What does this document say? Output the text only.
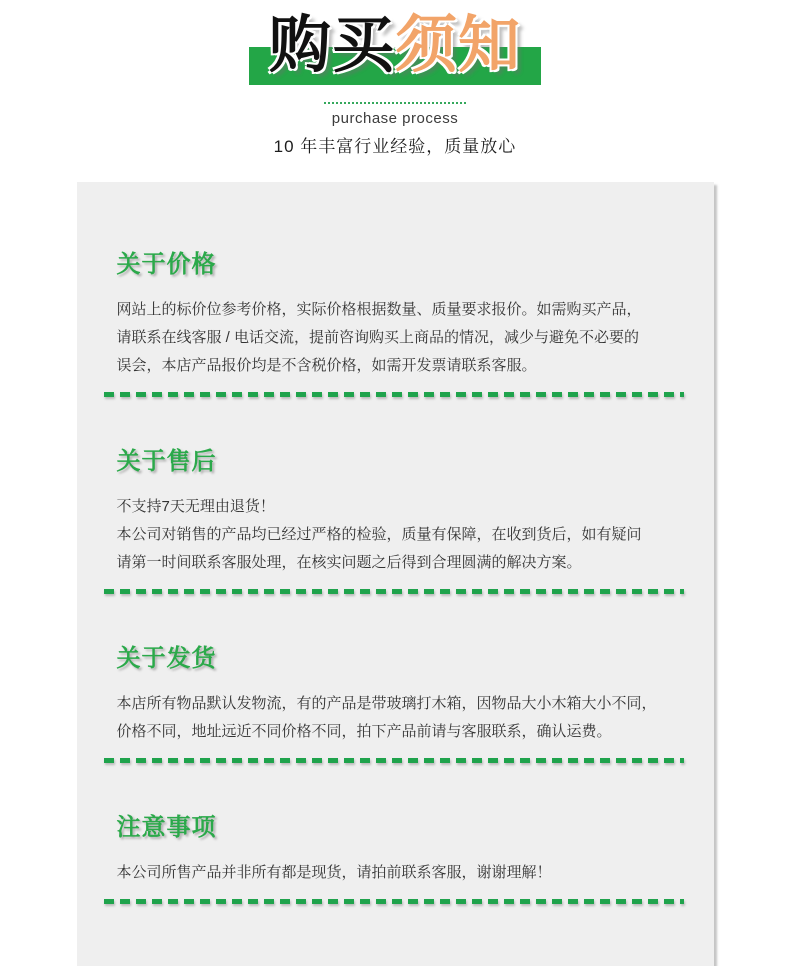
购买须知
purchase process
10 年丰富行业经验，质量放心
关于价格
网站上的标价位参考价格，实际价格根据数量、质量要求报价。如需购买产品，
请联系在线客服 / 电话交流，提前咨询购买上商品的情况，减少与避免不必要的
误会，本店产品报价均是不含税价格，如需开发票请联系客服。
关于售后
不支持7天无理由退货！
本公司对销售的产品均已经过严格的检验，质量有保障，在收到货后，如有疑问
请第一时间联系客服处理，在核实问题之后得到合理圆满的解决方案。
关于发货
本店所有物品默认发物流，有的产品是带玻璃打木箱，因物品大小木箱大小不同，
价格不同，地址远近不同价格不同，拍下产品前请与客服联系，确认运费。
注意事项
本公司所售产品并非所有都是现货，请拍前联系客服，谢谢理解！
